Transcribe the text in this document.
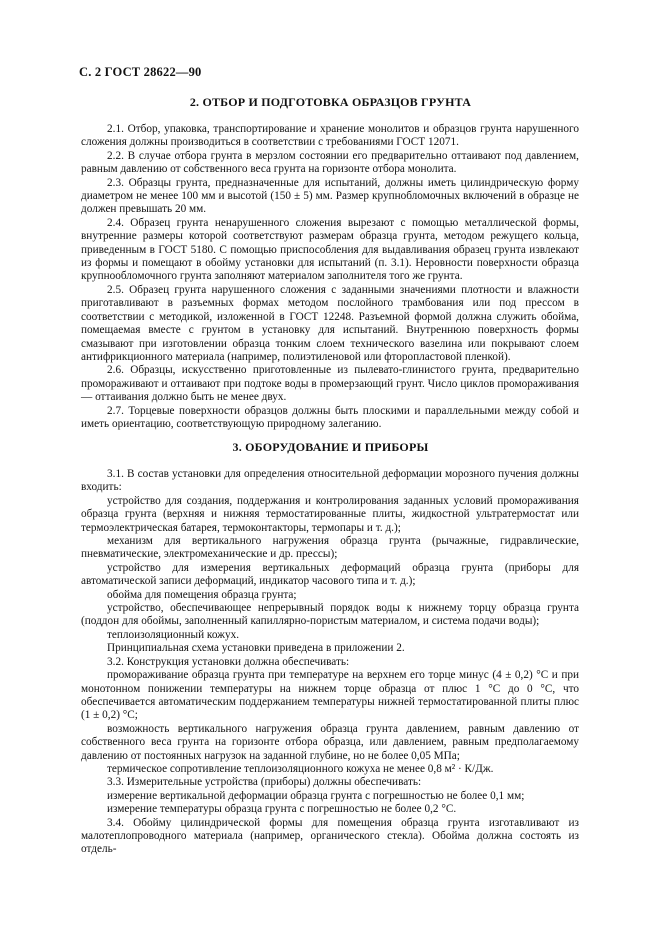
С. 2 ГОСТ 28622—90
2. ОТБОР И ПОДГОТОВКА ОБРАЗЦОВ ГРУНТА

2.1. Отбор, упаковка, транспортирование и хранение монолитов и образцов грунта нарушенного сложения должны производиться в соответствии с требованиями ГОСТ 12071.

2.2. В случае отбора грунта в мерзлом состоянии его предварительно оттаивают под давлением, равным давлению от собственного веса грунта на горизонте отбора монолита.

2.3. Образцы грунта, предназначенные для испытаний, должны иметь цилиндрическую форму диаметром не менее 100 мм и высотой (150 ± 5) мм. Размер крупнобломочных включений в образце не должен превышать 20 мм.

2.4. Образец грунта ненарушенного сложения вырезают с помощью металлической формы, внутренние размеры которой соответствуют размерам образца грунта, методом режущего кольца, приведенным в ГОСТ 5180. С помощью приспособления для выдавливания образец грунта извлекают из формы и помещают в обойму установки для испытаний (п. 3.1). Неровности поверхности образца крупнообломочного грунта заполняют материалом заполнителя того же грунта.

2.5. Образец грунта нарушенного сложения с заданными значениями плотности и влажности приготавливают в разъемных формах методом послойного трамбования или под прессом в соответствии с методикой, изложенной в ГОСТ 12248. Разъемной формой должна служить обойма, помещаемая вместе с грунтом в установку для испытаний. Внутреннюю поверхность формы смазывают при изготовлении образца тонким слоем технического вазелина или покрывают слоем антифрикционного материала (например, полиэтиленовой или фторопластовой пленкой).

2.6. Образцы, искусственно приготовленные из пылевато-глинистого грунта, предварительно промораживают и оттаивают при подтоке воды в промерзающий грунт. Число циклов промораживания — оттаивания должно быть не менее двух.

2.7. Торцевые поверхности образцов должны быть плоскими и параллельными между собой и иметь ориентацию, соответствующую природному залеганию.

3. ОБОРУДОВАНИЕ И ПРИБОРЫ

3.1. В состав установки для определения относительной деформации морозного пучения должны входить:

устройство для создания, поддержания и контролирования заданных условий промораживания образца грунта (верхняя и нижняя термостатированные плиты, жидкостной ультратермостат или термоэлектрическая батарея, термоконтакторы, термопары и т. д.);

механизм для вертикального нагружения образца грунта (рычажные, гидравлические, пневматические, электромеханические и др. прессы);

устройство для измерения вертикальных деформаций образца грунта (приборы для автоматической записи деформаций, индикатор часового типа и т. д.);

обойма для помещения образца грунта;

устройство, обеспечивающее непрерывный порядок воды к нижнему торцу образца грунта (поддон для обоймы, заполненный капиллярно-пористым материалом, и система подачи воды);

теплоизоляционный кожух.

Принципиальная схема установки приведена в приложении 2.

3.2. Конструкция установки должна обеспечивать:

промораживание образца грунта при температуре на верхнем его торце минус (4 ± 0,2) °С и при монотонном понижении температуры на нижнем торце образца от плюс 1 °С до 0 °С, что обеспечивается автоматическим поддержанием температуры нижней термостатированной плиты плюс (1 ± 0,2) °С;

возможность вертикального нагружения образца грунта давлением, равным давлению от собственного веса грунта на горизонте отбора образца, или давлением, равным предполагаемому давлению от постоянных нагрузок на заданной глубине, но не более 0,05 МПа;

термическое сопротивление теплоизоляционного кожуха не менее 0,8 м² · К/Дж.

3.3. Измерительные устройства (приборы) должны обеспечивать:

измерение вертикальной деформации образца грунта с погрешностью не более 0,1 мм;

измерение температуры образца грунта с погрешностью не более 0,2 °С.

3.4. Обойму цилиндрической формы для помещения образца грунта изготавливают из малотеплопроводного материала (например, органического стекла). Обойма должна состоять из отдель-
